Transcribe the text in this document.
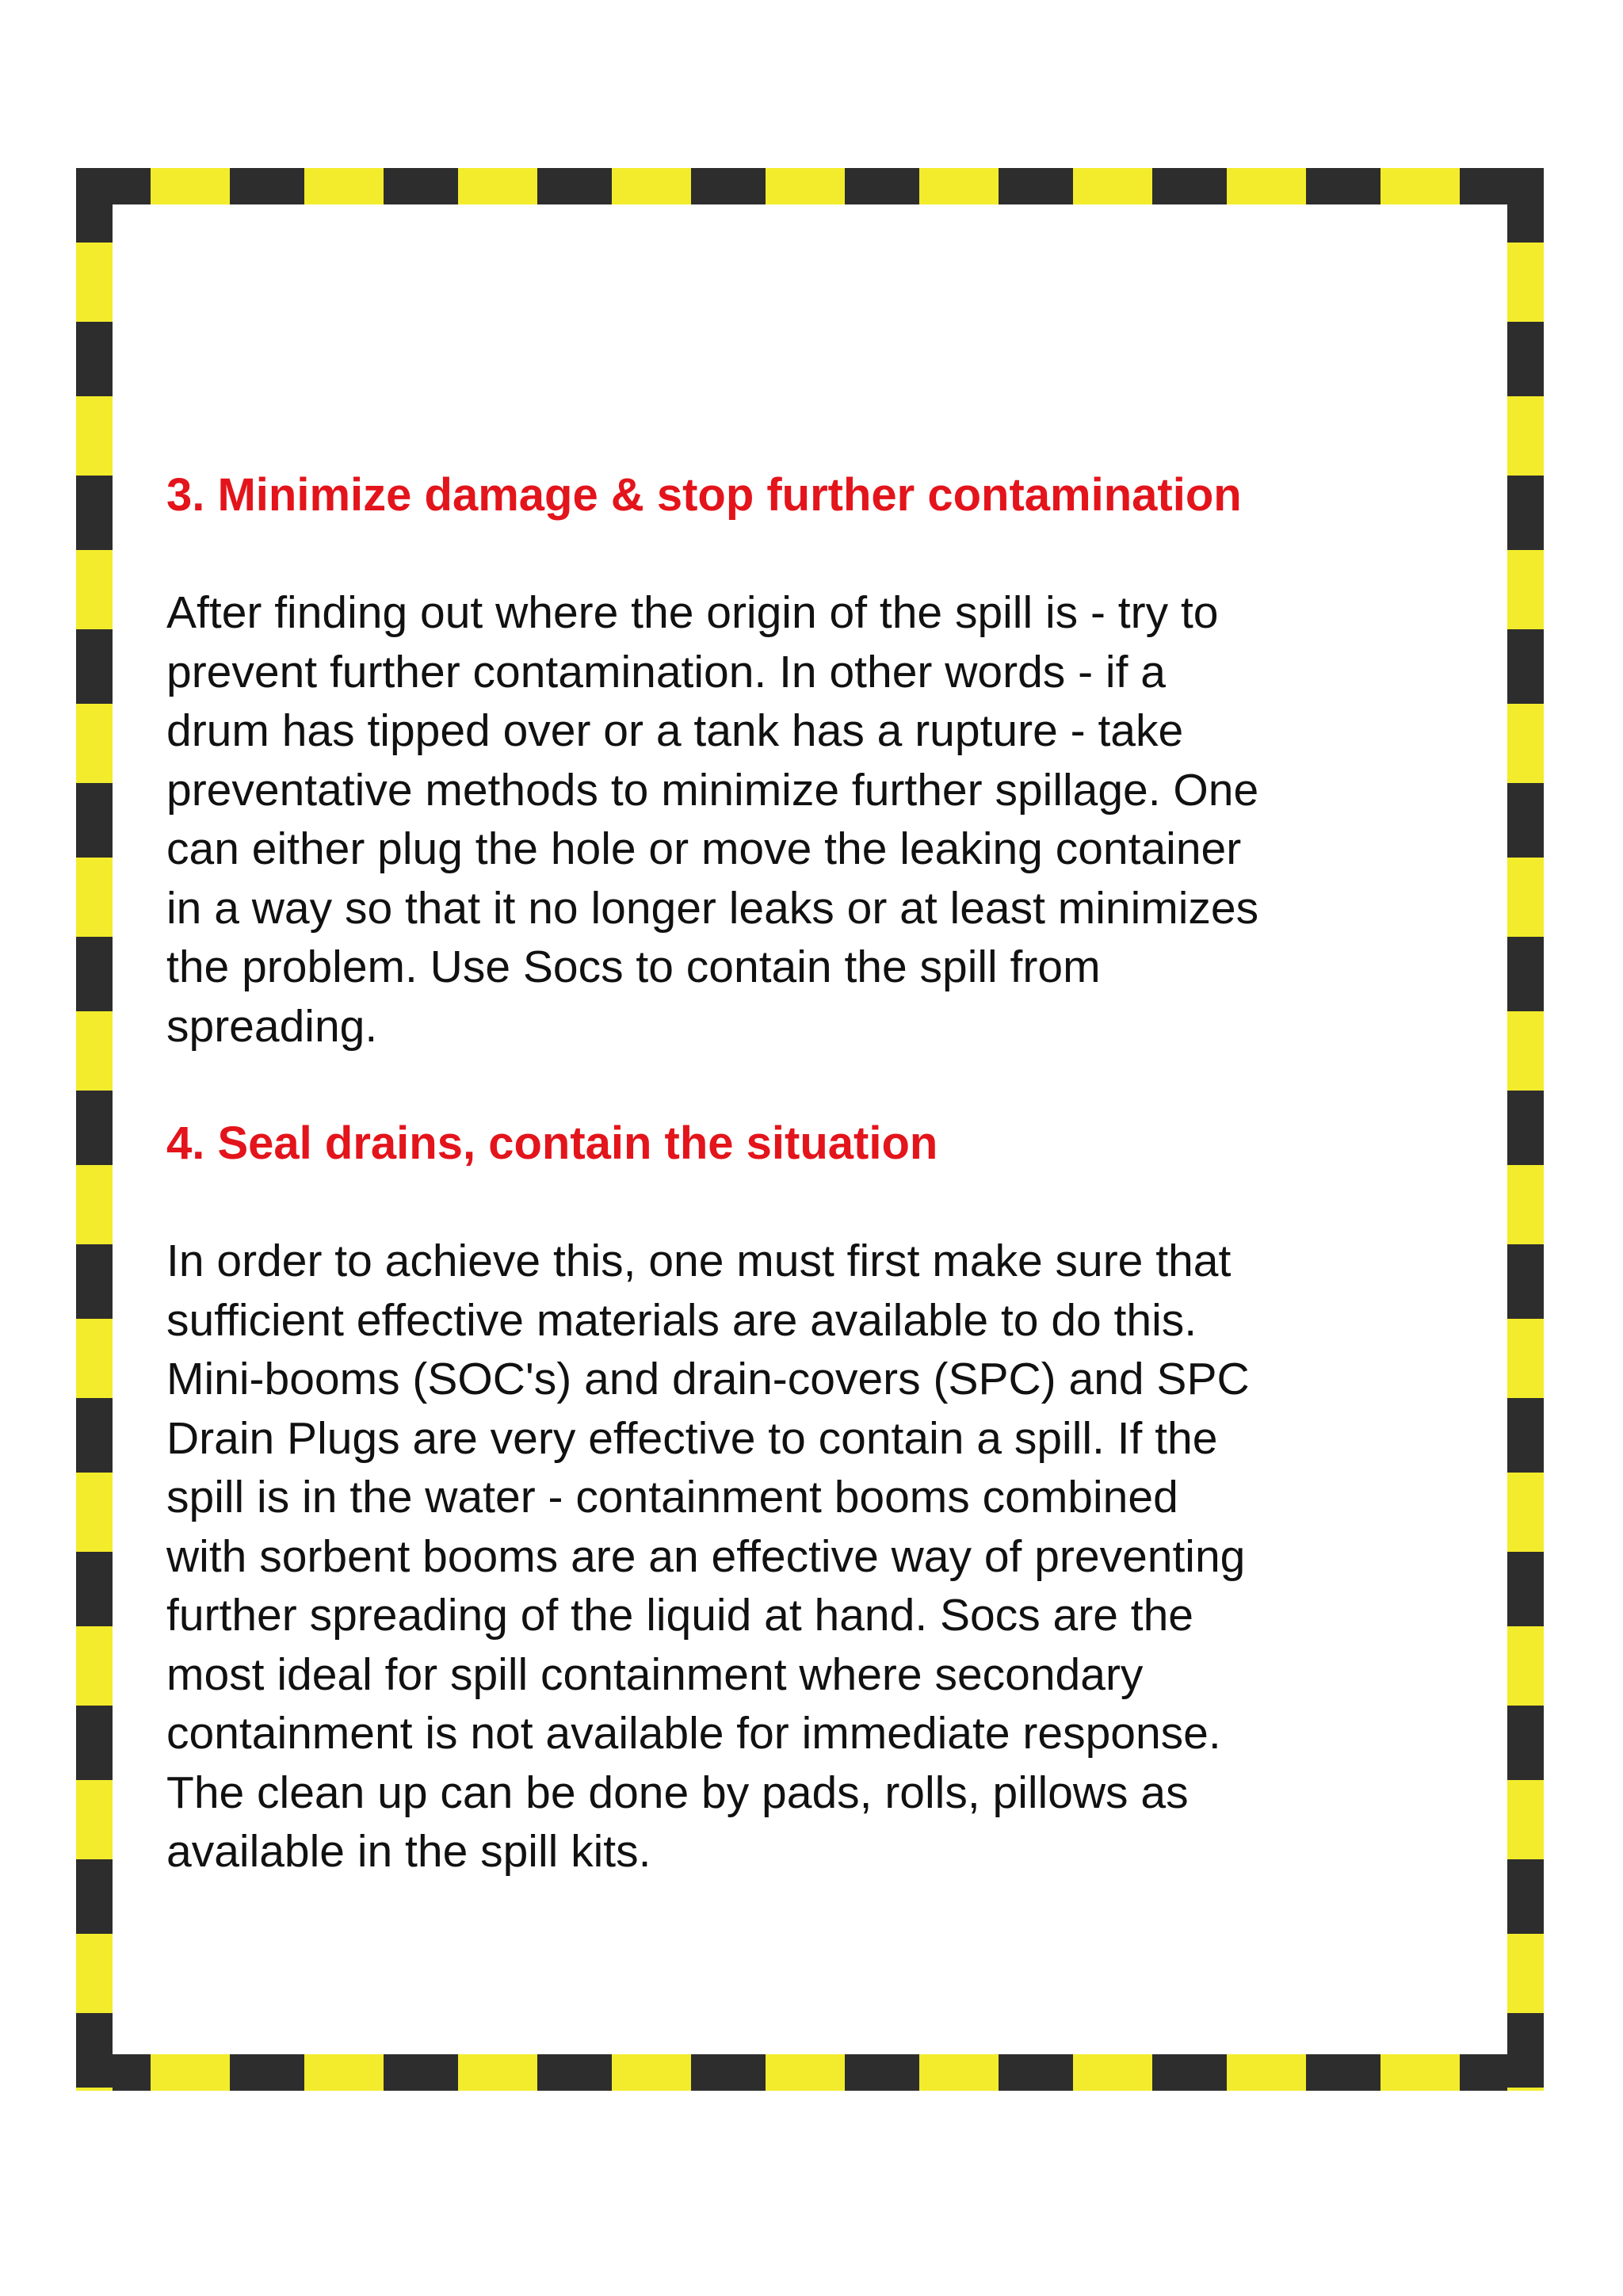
3. Minimize damage & stop further contamination

After finding out where the origin of the spill is - try to
prevent further contamination. In other words - if a
drum has tipped over or a tank has a rupture - take
preventative methods to minimize further spillage. One
can either plug the hole or move the leaking container
in a way so that it no longer leaks or at least minimizes
the problem. Use Socs to contain the spill from
spreading.

4. Seal drains, contain the situation

In order to achieve this, one must first make sure that
sufficient effective materials are available to do this.
Mini-booms (SOC's) and drain-covers (SPC) and SPC
Drain Plugs are very effective to contain a spill. If the
spill is in the water - containment booms combined
with sorbent booms are an effective way of preventing
further spreading of the liquid at hand. Socs are the
most ideal for spill containment where secondary
containment is not available for immediate response.
The clean up can be done by pads, rolls, pillows as
available in the spill kits.
